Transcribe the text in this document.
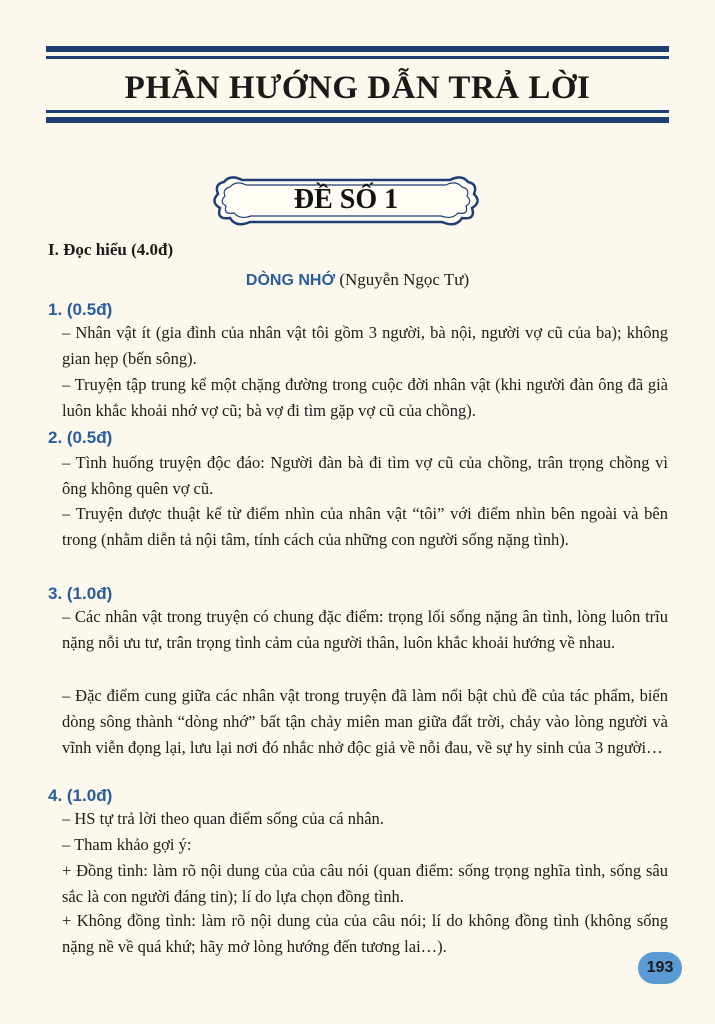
PHẦN HƯỚNG DẪN TRẢ LỜI
ĐỀ SỐ 1
I. Đọc hiểu (4.0đ)
DÒNG NHỚ (Nguyễn Ngọc Tư)
1. (0.5đ)
– Nhân vật ít (gia đình của nhân vật tôi gồm 3 người, bà nội, người vợ cũ của ba); không gian hẹp (bến sông).
– Truyện tập trung kể một chặng đường trong cuộc đời nhân vật (khi người đàn ông đã già luôn khắc khoải nhớ vợ cũ; bà vợ đi tìm gặp vợ cũ của chồng).
2. (0.5đ)
– Tình huống truyện độc đáo: Người đàn bà đi tìm vợ cũ của chồng, trân trọng chồng vì ông không quên vợ cũ.
– Truyện được thuật kể từ điểm nhìn của nhân vật “tôi” với điểm nhìn bên ngoài và bên trong (nhằm diễn tả nội tâm, tính cách của những con người sống nặng tình).
3. (1.0đ)
– Các nhân vật trong truyện có chung đặc điểm: trọng lối sống nặng ân tình, lòng luôn trĩu nặng nỗi ưu tư, trân trọng tình cảm của người thân, luôn khắc khoải hướng về nhau.
– Đặc điểm cung giữa các nhân vật trong truyện đã làm nổi bật chủ đề của tác phẩm, biến dòng sông thành “dòng nhớ” bất tận chảy miên man giữa đất trời, chảy vào lòng người và vĩnh viễn đọng lại, lưu lại nơi đó nhắc nhở độc giả về nỗi đau, về sự hy sinh của 3 người…
4. (1.0đ)
– HS tự trả lời theo quan điểm sống của cá nhân.
– Tham khảo gợi ý:
+ Đồng tình: làm rõ nội dung của của câu nói (quan điểm: sống trọng nghĩa tình, sống sâu sắc là con người đáng tin); lí do lựa chọn đồng tình.
+ Không đồng tình: làm rõ nội dung của của câu nói; lí do không đồng tình (không sống nặng nề về quá khứ; hãy mở lòng hướng đến tương lai…).
193
